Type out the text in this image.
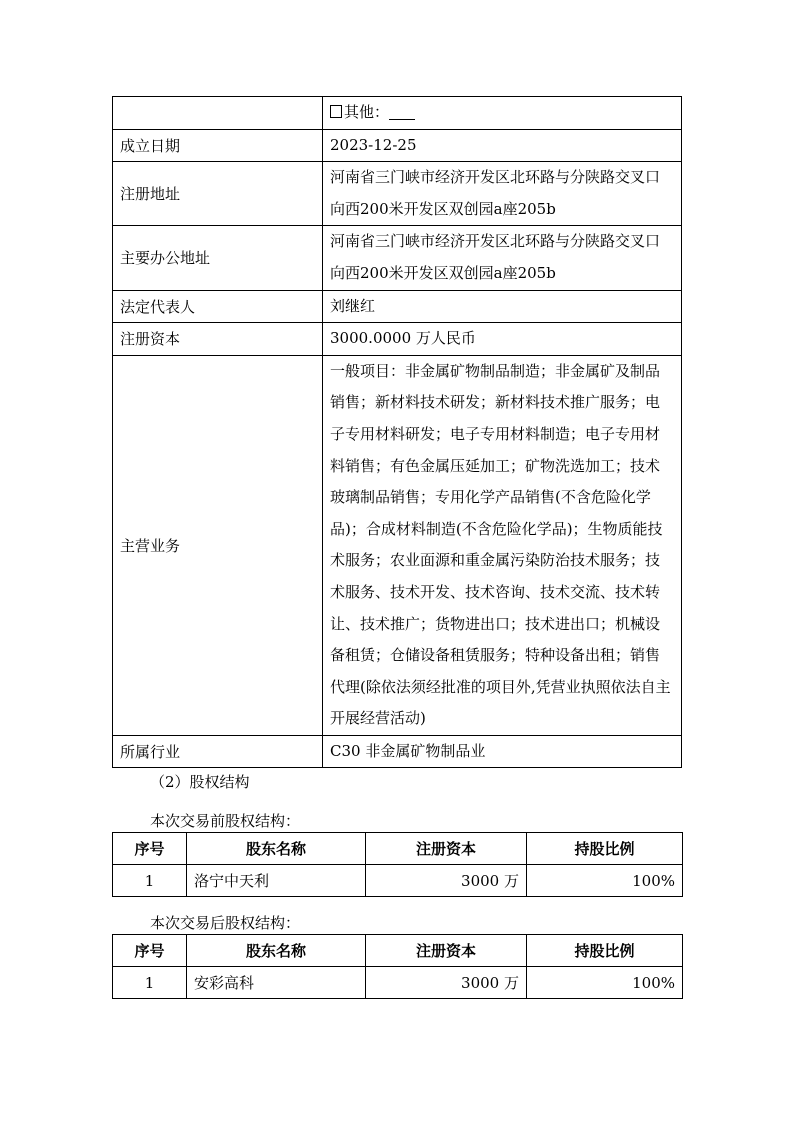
	其他：
成立日期	2023-12-25
注册地址	河南省三门峡市经济开发区北环路与分陕路交叉口向西200米开发区双创园a座205b
主要办公地址	河南省三门峡市经济开发区北环路与分陕路交叉口向西200米开发区双创园a座205b
法定代表人	刘继红
注册资本	3000.0000 万人民币
主营业务	一般项目：非金属矿物制品制造；非金属矿及制品销售；新材料技术研发；新材料技术推广服务；电子专用材料研发；电子专用材料制造；电子专用材料销售；有色金属压延加工；矿物洗选加工；技术玻璃制品销售；专用化学产品销售(不含危险化学品)；合成材料制造(不含危险化学品)；生物质能技术服务；农业面源和重金属污染防治技术服务；技术服务、技术开发、技术咨询、技术交流、技术转让、技术推广；货物进出口；技术进出口；机械设备租赁；仓储设备租赁服务；特种设备出租；销售代理(除依法须经批准的项目外,凭营业执照依法自主开展经营活动)
所属行业	C30 非金属矿物制品业
（2）股权结构
本次交易前股权结构：
序号	股东名称	注册资本	持股比例
1	洛宁中天利	3000 万	100%
本次交易后股权结构：
序号	股东名称	注册资本	持股比例
1	安彩高科	3000 万	100%
